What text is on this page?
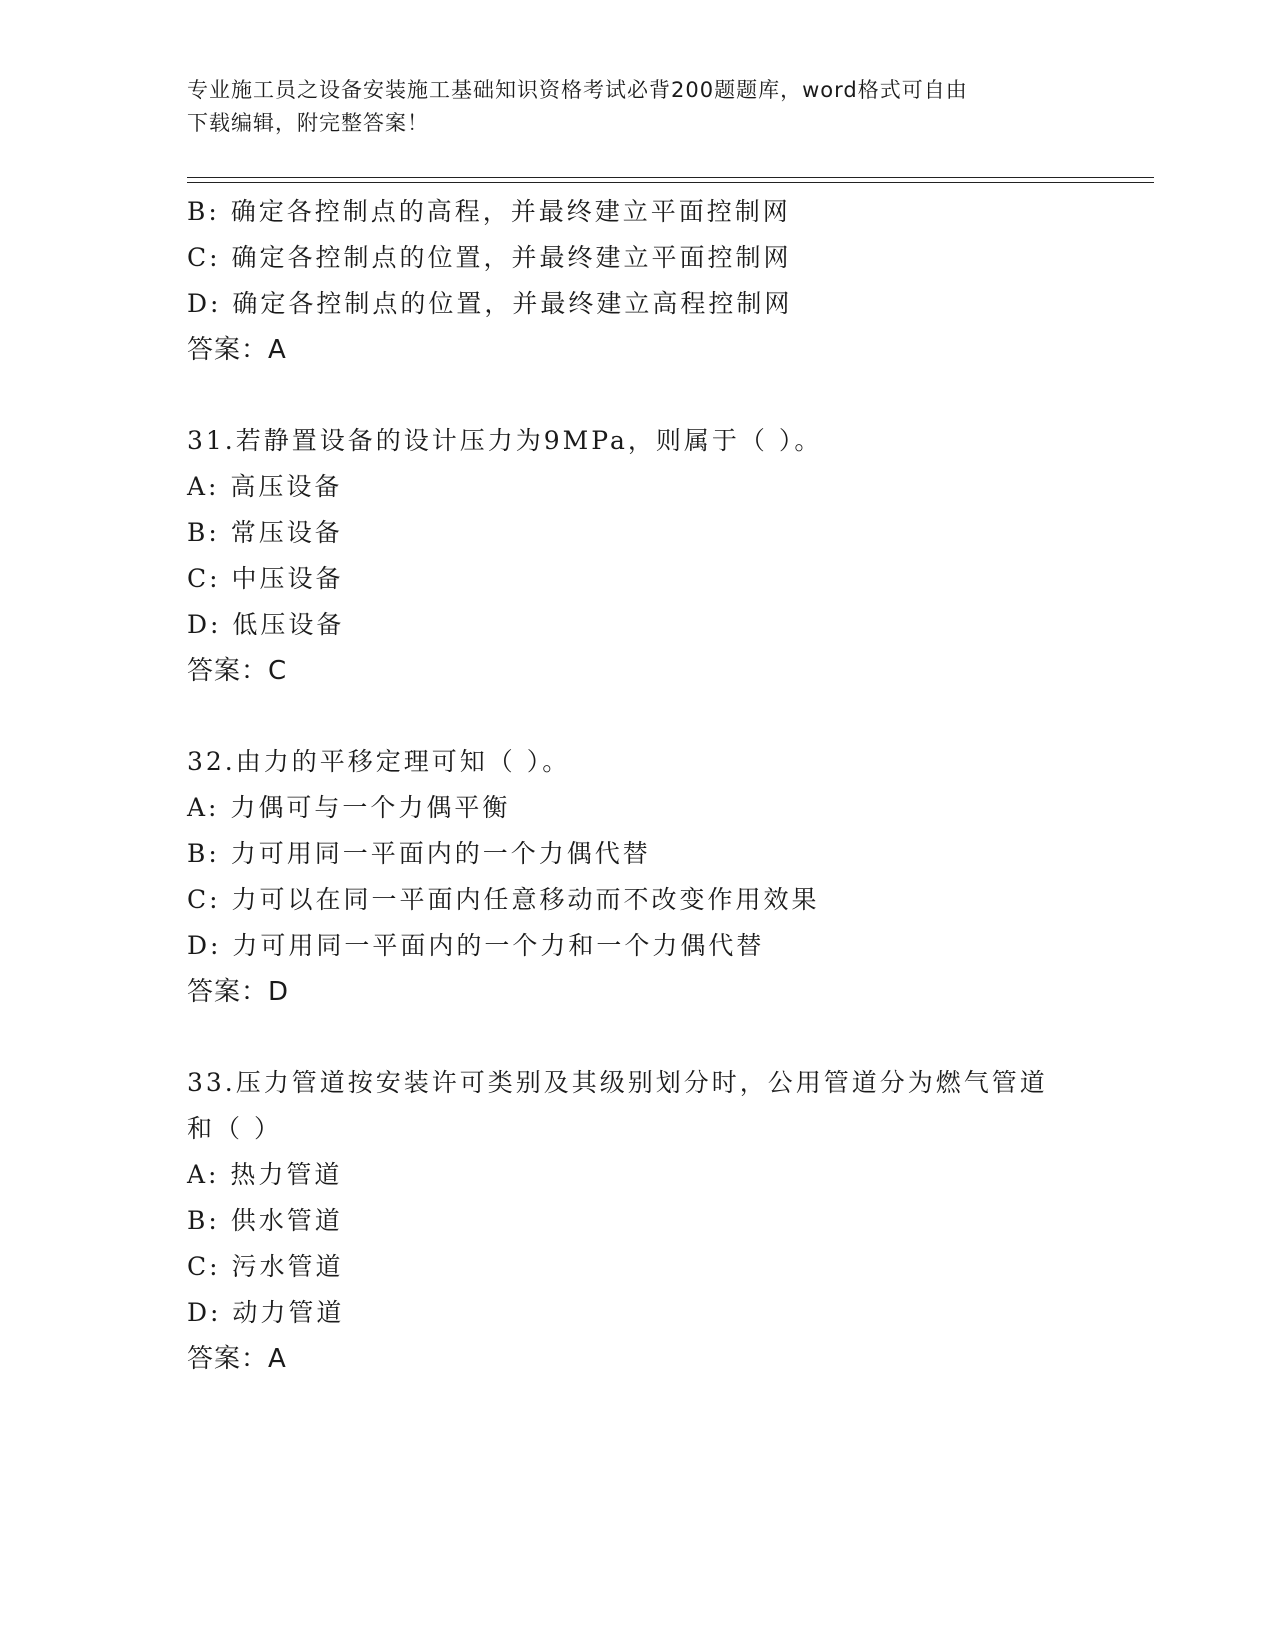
专业施工员之设备安装施工基础知识资格考试必背200题题库，word格式可自由
下载编辑，附完整答案！
B: 确定各控制点的高程，并最终建立平面控制网
C: 确定各控制点的位置，并最终建立平面控制网
D: 确定各控制点的位置，并最终建立高程控制网
答案：A
31.若静置设备的设计压力为9MPa，则属于（ ）。
A: 高压设备
B: 常压设备
C: 中压设备
D: 低压设备
答案：C
32.由力的平移定理可知（ ）。
A: 力偶可与一个力偶平衡
B: 力可用同一平面内的一个力偶代替
C: 力可以在同一平面内任意移动而不改变作用效果
D: 力可用同一平面内的一个力和一个力偶代替
答案：D
33.压力管道按安装许可类别及其级别划分时，公用管道分为燃气管道
和（ ）
A: 热力管道
B: 供水管道
C: 污水管道
D: 动力管道
答案：A
